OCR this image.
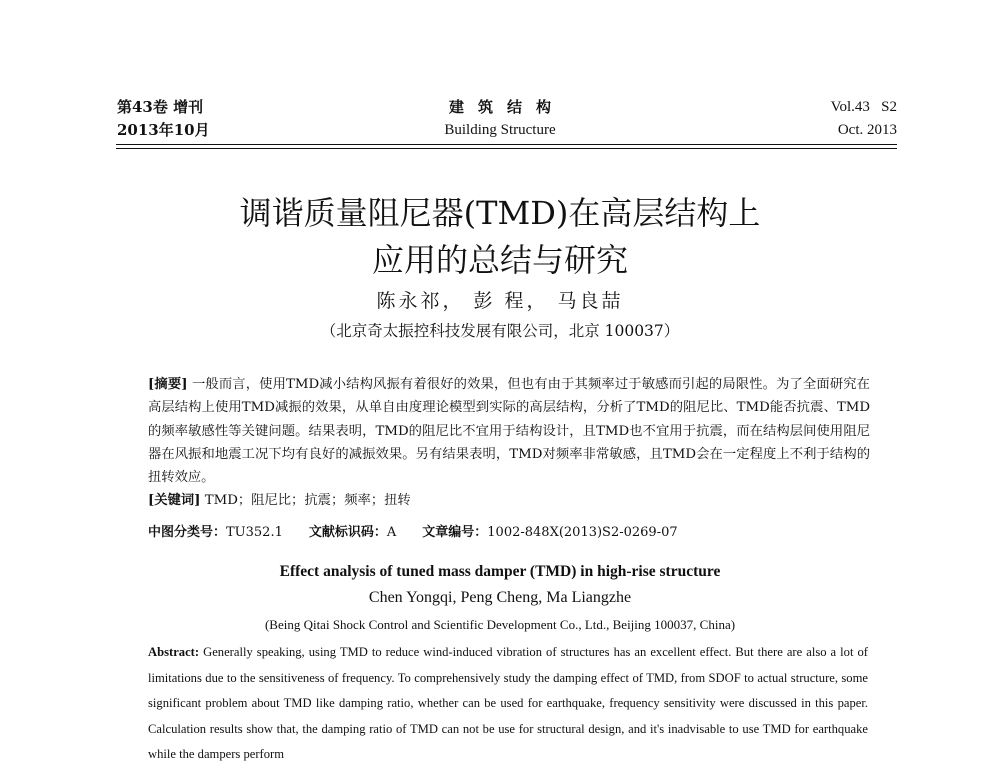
第43卷 增刊
2013年10月
建筑结构
Building Structure
Vol.43   S2
Oct. 2013
调谐质量阻尼器(TMD)在高层结构上
应用的总结与研究
陈永祁， 彭 程， 马良喆
（北京奇太振控科技发展有限公司，北京 100037）
[摘要] 一般而言，使用TMD减小结构风振有着很好的效果，但也有由于其频率过于敏感而引起的局限性。为了全面研究在高层结构上使用TMD减振的效果，从单自由度理论模型到实际的高层结构，分析了TMD的阻尼比、TMD能否抗震、TMD的频率敏感性等关键问题。结果表明，TMD的阻尼比不宜用于结构设计，且TMD也不宜用于抗震，而在结构层间使用阻尼器在风振和地震工况下均有良好的减振效果。另有结果表明，TMD对频率非常敏感，且TMD会在一定程度上不利于结构的扭转效应。
[关键词] TMD；阻尼比；抗震；频率；扭转
中图分类号：TU352.1 文献标识码：A 文章编号：1002-848X(2013)S2-0269-07
Effect analysis of tuned mass damper (TMD) in high-rise structure
Chen Yongqi, Peng Cheng, Ma Liangzhe
(Being Qitai Shock Control and Scientific Development Co., Ltd., Beijing 100037, China)
Abstract: Generally speaking, using TMD to reduce wind-induced vibration of structures has an excellent effect. But there are also a lot of limitations due to the sensitiveness of frequency. To comprehensively study the damping effect of TMD, from SDOF to actual structure, some significant problem about TMD like damping ratio, whether can be used for earthquake, frequency sensitivity were discussed in this paper. Calculation results show that, the damping ratio of TMD can not be use for structural design, and it's inadvisable to use TMD for earthquake while the dampers perform
